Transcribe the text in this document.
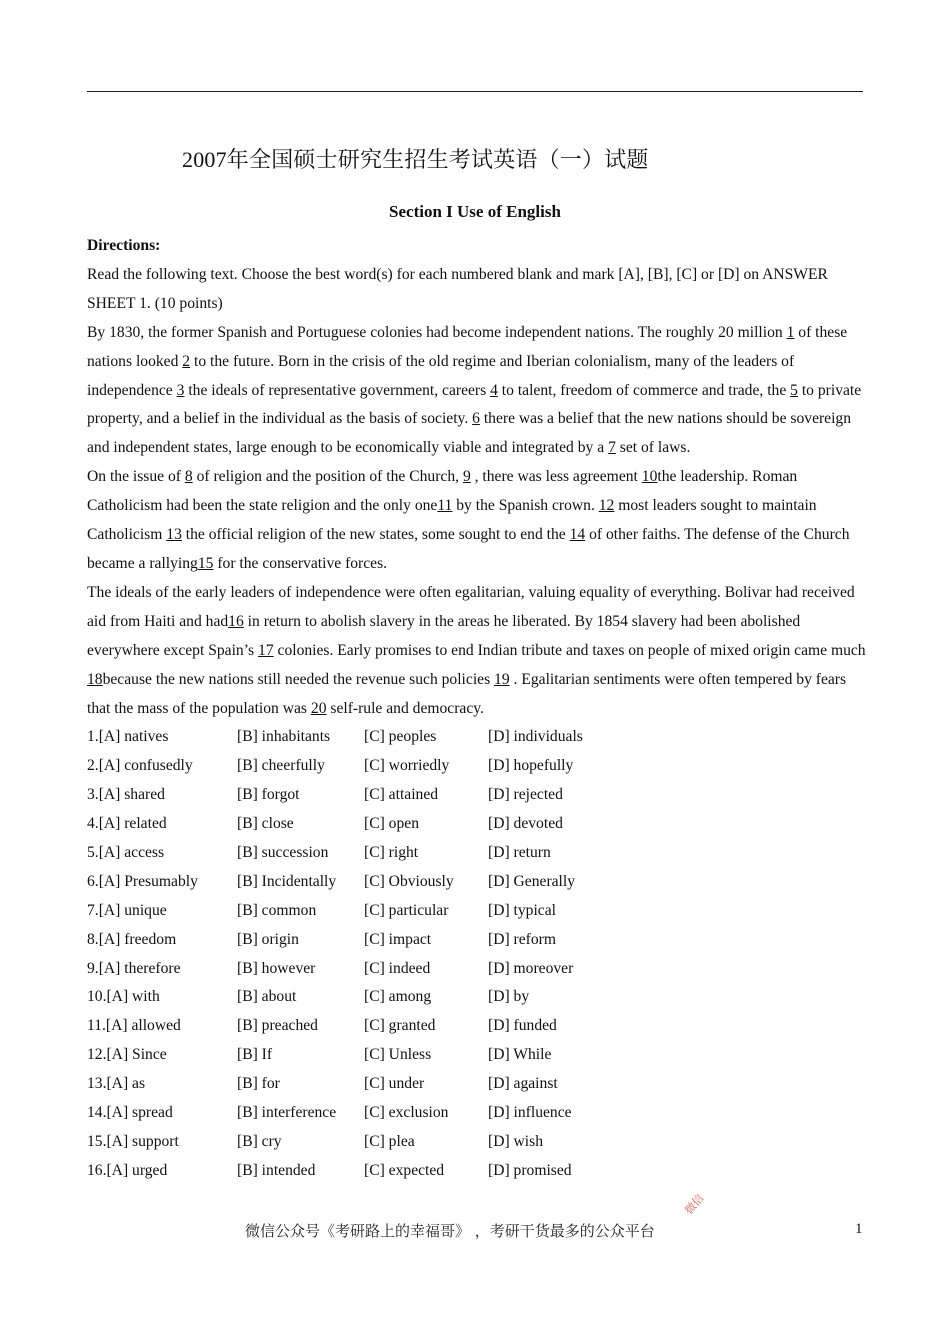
2007年全国硕士研究生招生考试英语（一）试题
Section I Use of English

Directions:

Read the following text. Choose the best word(s) for each numbered blank and mark [A], [B], [C] or [D] on ANSWER SHEET 1. (10 points)

By 1830, the former Spanish and Portuguese colonies had become independent nations. The roughly 20 million 1 of these nations looked 2 to the future. Born in the crisis of the old regime and Iberian colonialism, many of the leaders of independence 3 the ideals of representative government, careers 4 to talent, freedom of commerce and trade, the 5 to private property, and a belief in the individual as the basis of society. 6 there was a belief that the new nations should be sovereign and independent states, large enough to be economically viable and integrated by a 7 set of laws.

On the issue of 8 of religion and the position of the Church, 9 , there was less agreement 10the leadership. Roman Catholicism had been the state religion and the only one11 by the Spanish crown. 12 most leaders sought to maintain Catholicism 13 the official religion of the new states, some sought to end the 14 of other faiths. The defense of the Church became a rallying15 for the conservative forces.

The ideals of the early leaders of independence were often egalitarian, valuing equality of everything. Bolivar had received aid from Haiti and had16 in return to abolish slavery in the areas he liberated. By 1854 slavery had been abolished everywhere except Spain’s 17 colonies. Early promises to end Indian tribute and taxes on people of mixed origin came much 18because the new nations still needed the revenue such policies 19 . Egalitarian sentiments were often tempered by fears that the mass of the population was 20 self-rule and democracy.

1.[A] natives	[B] inhabitants [C] peoples	[D] individuals
2.[A] confusedly	[B] cheerfully	[C] worriedly [D] hopefully
3.[A] shared	[B] forgot	[C] attained	[D] rejected
4.[A] related	[B] close	[C] open	[D] devoted
5.[A] access	[B] succession [C] right	[D] return
6.[A] Presumably	[B] Incidentally [C] Obviously [D] Generally
7.[A] unique	[B] common	[C] particular	[D] typical
8.[A] freedom	[B] origin	[C] impact	[D] reform
9.[A] therefore	[B] however	[C] indeed	[D] moreover
10.[A] with	[B] about	[C] among	[D] by
11.[A] allowed	[B] preached	[C] granted	[D] funded
12.[A] Since	[B] If	[C] Unless	[D] While
13.[A] as	[B] for	[C] under	[D] against
14.[A] spread	[B] interference [C] exclusion	[D] influence
15.[A] support	[B] cry	[C] plea	[D] wish
16.[A] urged	[B] intended	[C] expected	[D] promised
微信
微信公众号《考研路上的幸福哥》 ，考研干货最多的公众平台	1
